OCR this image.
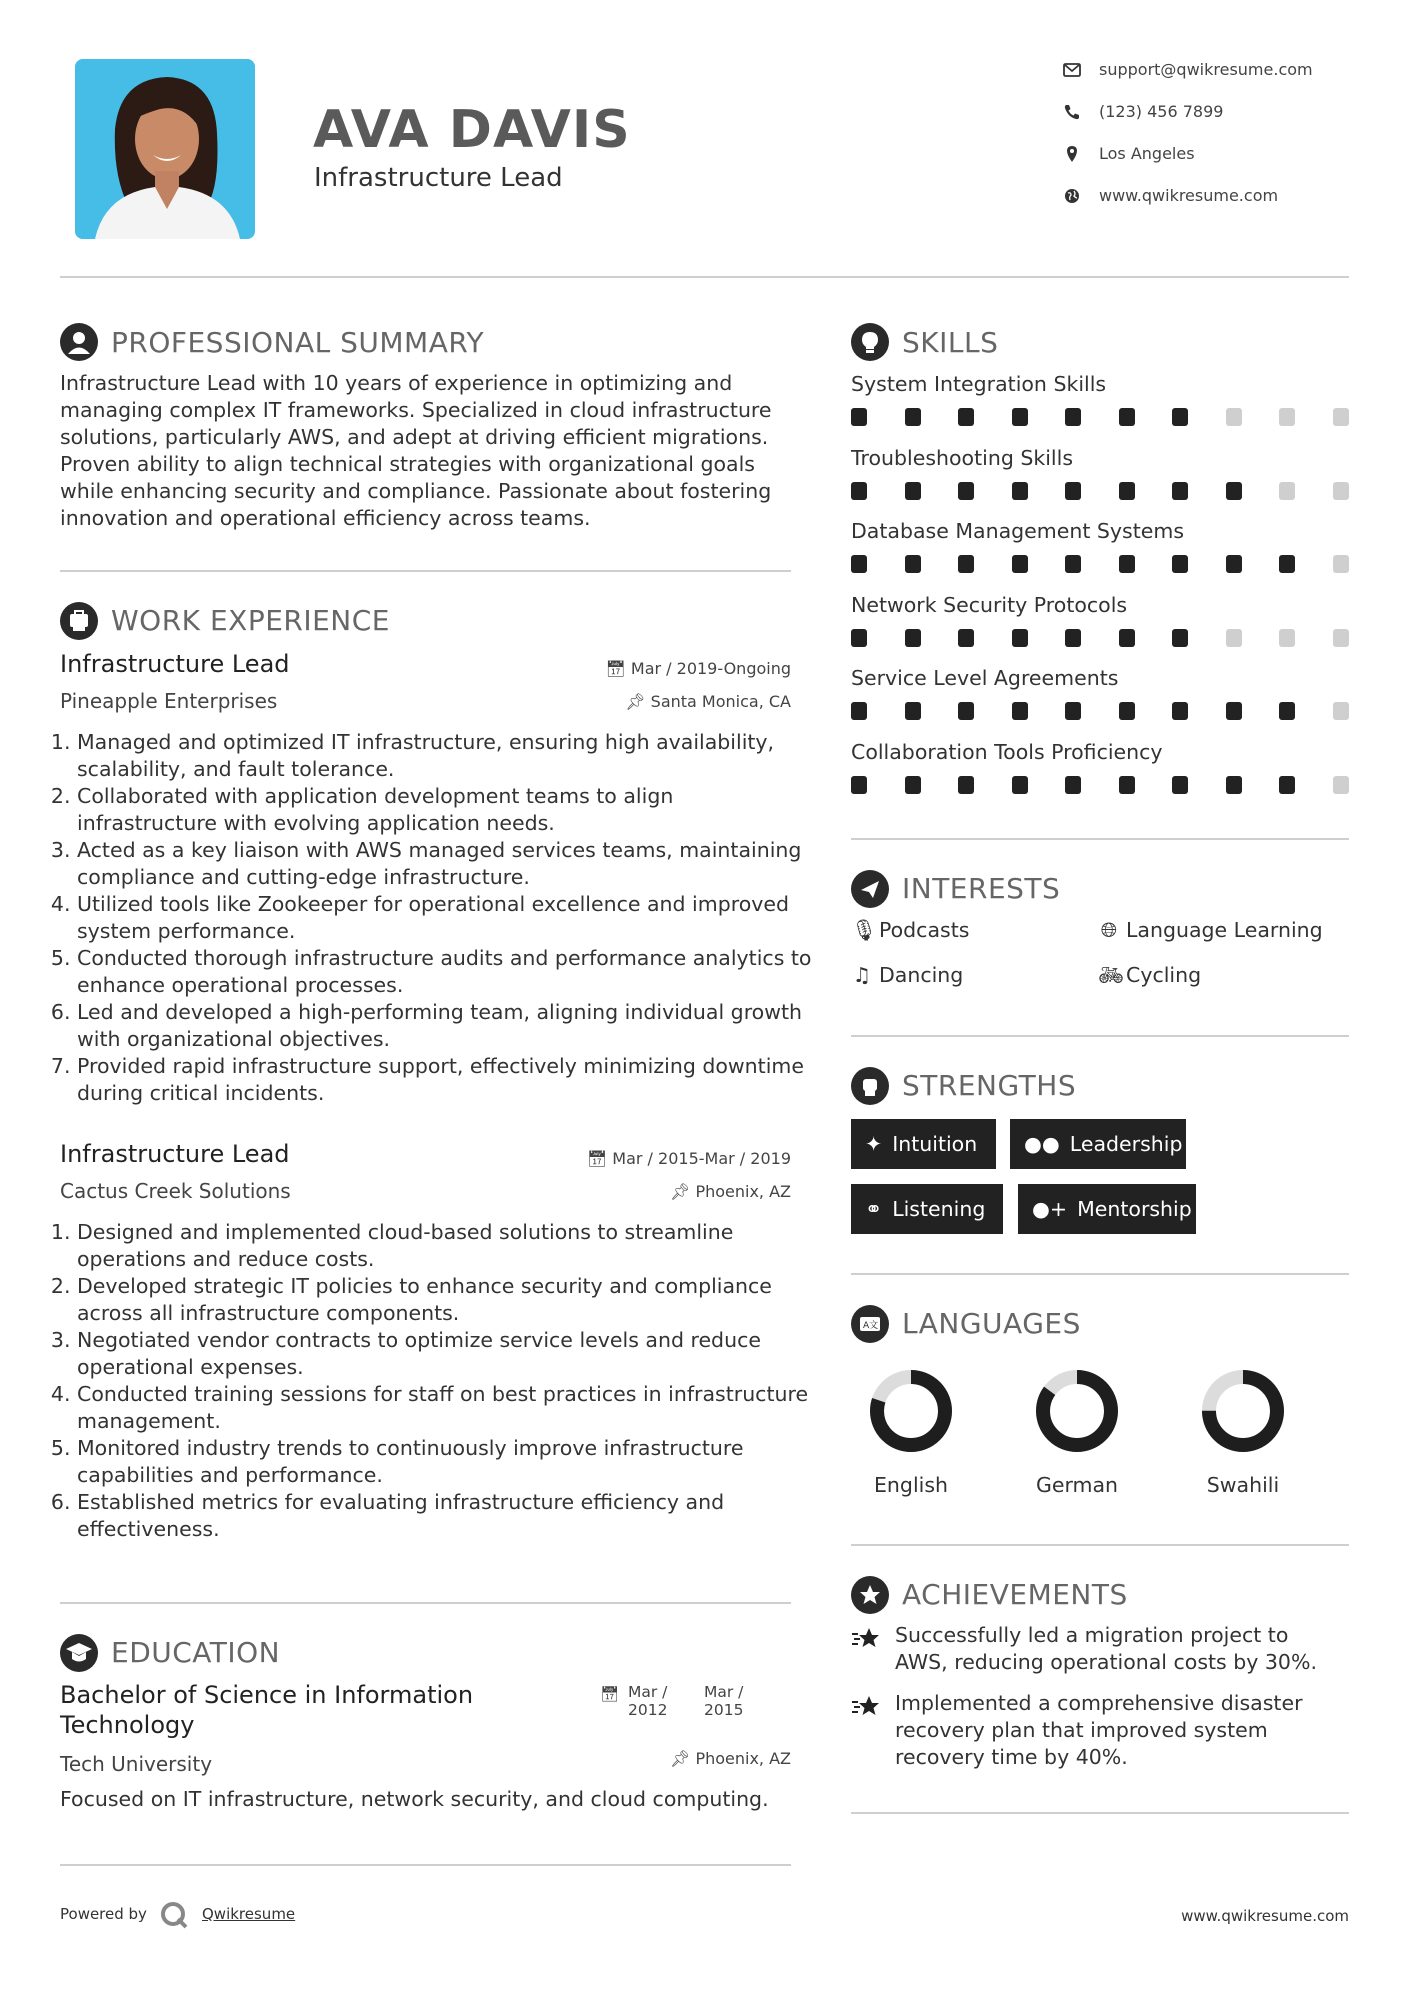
AVA DAVIS
Infrastructure Lead
support@qwikresume.com
(123) 456 7899
Los Angeles
www.qwikresume.com
PROFESSIONAL SUMMARY
Infrastructure Lead with 10 years of experience in optimizing and managing complex IT frameworks. Specialized in cloud infrastructure solutions, particularly AWS, and adept at driving efficient migrations. Proven ability to align technical strategies with organizational goals while enhancing security and compliance. Passionate about fostering innovation and operational efficiency across teams.
WORK EXPERIENCE
Infrastructure Lead	📅︎ Mar / 2019-Ongoing
Pineapple Enterprises	📌︎ Santa Monica, CA
1. Managed and optimized IT infrastructure, ensuring high availability, scalability, and fault tolerance.
2. Collaborated with application development teams to align infrastructure with evolving application needs.
3. Acted as a key liaison with AWS managed services teams, maintaining compliance and cutting-edge infrastructure.
4. Utilized tools like Zookeeper for operational excellence and improved system performance.
5. Conducted thorough infrastructure audits and performance analytics to enhance operational processes.
6. Led and developed a high-performing team, aligning individual growth with organizational objectives.
7. Provided rapid infrastructure support, effectively minimizing downtime during critical incidents.
Infrastructure Lead	📅︎ Mar / 2015-Mar / 2019
Cactus Creek Solutions	📌︎ Phoenix, AZ
1. Designed and implemented cloud-based solutions to streamline operations and reduce costs.
2. Developed strategic IT policies to enhance security and compliance across all infrastructure components.
3. Negotiated vendor contracts to optimize service levels and reduce operational expenses.
4. Conducted training sessions for staff on best practices in infrastructure management.
5. Monitored industry trends to continuously improve infrastructure capabilities and performance.
6. Established metrics for evaluating infrastructure efficiency and effectiveness.
EDUCATION
Bachelor of Science in Information Technology
📅︎ Mar / 2012
Mar / 2015
Tech University	📌︎ Phoenix, AZ
Focused on IT infrastructure, network security, and cloud computing.
SKILLS
System Integration Skills
Troubleshooting Skills
Database Management Systems
Network Security Protocols
Service Level Agreements
Collaboration Tools Proficiency
INTERESTS
🎙︎Podcasts	🌐︎ Language Learning
♫ Dancing	🚲︎Cycling
STRENGTHS
✦ Intuition	●● Leadership
⚭ Listening	●+ Mentorship
A文 LANGUAGES
English	German	Swahili
ACHIEVEMENTS
Successfully led a migration project to AWS, reducing operational costs by 30%.
Implemented a comprehensive disaster recovery plan that improved system recovery time by 40%.
Powered by	Qwikresume	www.qwikresume.com
